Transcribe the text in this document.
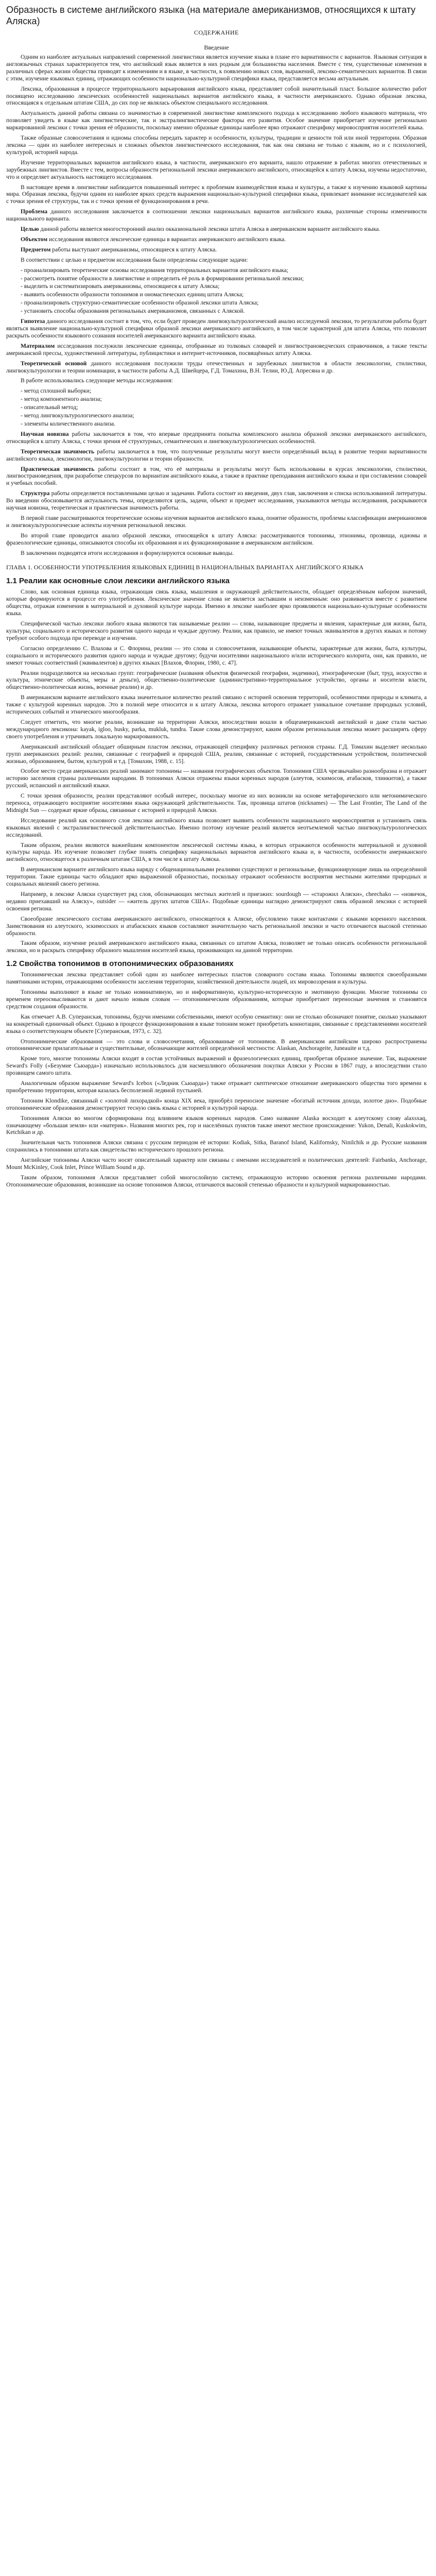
Образность в системе английского языка (на материале американизмов, относящихся к штату Аляска)
СОДЕРЖАНИЕ
Введение

Одним из наиболее актуальных направлений современной лингвистики является изучение языка в плане его вариативности с вариантов. Языковая ситуация в англоязычных странах характеризуется тем, что английский язык является в них родным для большинства населения. Вместе с тем, существенные изменения в различных сферах жизни общества приводят к изменениям и в языке, в частности, к появлению новых слов, выражений, лексико-семантических вариантов. В связи с этим, изучение языковых единиц, отражающих особенности национально-культурной специфики языка, представляется весьма актуальным.

Лексика, образованная в процессе территориального варьирования английского языка, представляет собой значительный пласт. Большое количество работ посвящено исследованию лексических особенностей национальных вариантов английского языка, в частности американского. Однако образная лексика, относящаяся к отдельным штатам США, до сих пор не являлась объектом специального исследования.

Актуальность данной работы связана со значимостью в современной лингвистике комплексного подхода к исследованию любого языкового материала, что позволяет увидеть в языке как лингвистические, так и экстралингвистические факторы его развития. Особое значение приобретает изучение регионально маркированной лексики с точки зрения её образности, поскольку именно образные единицы наиболее ярко отражают специфику мировосприятия носителей языка.

Также образные словосочетания и идиомы способны передать характер и особенности, культуры, традиции и ценности той или иной территории. Образная лексика — один из наиболее интересных и сложных объектов лингвистического исследования, так как она связана не только с языком, но и с психологией, культурой, историей народа.

Изучение территориальных вариантов английского языка, в частности, американского его варианта, нашло отражение в работах многих отечественных и зарубежных лингвистов. Вместе с тем, вопросы образности региональной лексики американского английского, относящейся к штату Аляска, изучены недостаточно, что и определяет актуальность настоящего исследования.

В настоящее время в лингвистике наблюдается повышенный интерес к проблемам взаимодействия языка и культуры, а также к изучению языковой картины мира. Образная лексика, будучи одним из наиболее ярких средств выражения национально-культурной специфики языка, привлекает внимание исследователей как с точки зрения её структуры, так и с точки зрения её функционирования в речи.

Проблема данного исследования заключается в соотношении лексики национальных вариантов английского языка, различные стороны изменчивости национального варианта.

Целью данной работы является многосторонний анализ окказиональной лексики штата Аляска в американском варианте английского языка.

Объектом исследования являются лексические единицы в вариантах американского английского языка.

Предметом работы выступают американизмы, относящиеся к штату Аляска.

В соответствии с целью и предметом исследования были определены следующие задачи:

- проанализировать теоретические основы исследования территориальных вариантов английского языка;
- рассмотреть понятие образности в лингвистике и определить её роль в формировании региональной лексики;
- выделить и систематизировать американизмы, относящиеся к штату Аляска;
- выявить особенности образности топонимов и ономастических единиц штата Аляска;
- проанализировать структурно-семантические особенности образной лексики штата Аляска;
- установить способы образования региональных американизмов, связанных с Аляской.

Гипотеза данного исследования состоит в том, что, если будет проведен лингвокультурологический анализ исследуемой лексики, то результатом работы будет являться выявление национально-культурной специфики образной лексики американского английского, в том числе характерной для штата Аляска, что позволит раскрыть особенности языкового сознания носителей американского варианта английского языка.

Материалом исследования послужили лексические единицы, отобранные из толковых словарей и лингвострановедческих справочников, а также тексты американской прессы, художественной литературы, публицистики и интернет-источников, посвящённых штату Аляска.

Теоретической основой данного исследования послужили труды отечественных и зарубежных лингвистов в области лексикологии, стилистики, лингвокультурологии и теории номинации, в частности работы А.Д. Швейцера, Г.Д. Томахина, В.Н. Телии, Ю.Д. Апресяна и др.

В работе использовались следующие методы исследования:

- метод сплошной выборки;
- метод компонентного анализа;
- описательный метод;
- метод лингвокультурологического анализа;
- элементы количественного анализа.

Научная новизна работы заключается в том, что впервые предпринята попытка комплексного анализа образной лексики американского английского, относящейся к штату Аляска, с точки зрения её структурных, семантических и лингвокультурологических особенностей.

Теоретическая значимость работы заключается в том, что полученные результаты могут внести определённый вклад в развитие теории вариативности английского языка, лексикологии, лингвокультурологии и теории образности.

Практическая значимость работы состоит в том, что её материалы и результаты могут быть использованы в курсах лексикологии, стилистики, лингвострановедения, при разработке спецкурсов по вариантам английского языка, а также в практике преподавания английского языка и при составлении словарей и учебных пособий.

Структура работы определяется поставленными целью и задачами. Работа состоит из введения, двух глав, заключения и списка использованной литературы. Во введении обосновывается актуальность темы, определяются цель, задачи, объект и предмет исследования, указываются методы исследования, раскрываются научная новизна, теоретическая и практическая значимость работы.

В первой главе рассматриваются теоретические основы изучения вариантов английского языка, понятие образности, проблемы классификации американизмов и лингвокультурологические аспекты изучения региональной лексики.

Во второй главе проводится анализ образной лексики, относящейся к штату Аляска: рассматриваются топонимы, этнонимы, прозвища, идиомы и фразеологические единицы, описываются способы их образования и их функционирование в американском английском.

В заключении подводятся итоги исследования и формулируются основные выводы.

ГЛАВА 1. ОСОБЕННОСТИ УПОТРЕБЛЕНИЯ ЯЗЫКОВЫХ ЕДИНИЦ В НАЦИОНАЛЬНЫХ ВАРИАНТАХ АНГЛИЙСКОГО ЯЗЫКА
1.1 Реалии как основные слои лексики английского языка

Слово, как основная единица языка, отражающая связь языка, мышления и окружающей действительности, обладает определённым набором значений, которые формируются в процессе его употребления. Лексическое значение слова не является застывшим и неизменным: оно развивается вместе с развитием общества, отражая изменения в материальной и духовной культуре народа. Именно в лексике наиболее ярко проявляются национально-культурные особенности языка.

Специфической частью лексики любого языка являются так называемые реалии — слова, называющие предметы и явления, характерные для жизни, быта, культуры, социального и исторического развития одного народа и чуждые другому. Реалии, как правило, не имеют точных эквивалентов в других языках и потому требуют особого подхода при переводе и изучении.

Согласно определению С. Влахова и С. Флорина, реалии — это слова и словосочетания, называющие объекты, характерные для жизни, быта, культуры, социального и исторического развития одного народа и чуждые другому; будучи носителями национального и/или исторического колорита, они, как правило, не имеют точных соответствий (эквивалентов) в других языках [Влахов, Флорин, 1980, с. 47].

Реалии подразделяются на несколько групп: географические (названия объектов физической географии, эндемики), этнографические (быт, труд, искусство и культура, этнические объекты, меры и деньги), общественно-политические (административно-территориальное устройство, органы и носители власти, общественно-политическая жизнь, военные реалии) и др.

В американском варианте английского языка значительное количество реалий связано с историей освоения территорий, особенностями природы и климата, а также с культурой коренных народов. Это в полной мере относится и к штату Аляска, лексика которого отражает уникальное сочетание природных условий, исторических событий и этнического многообразия.

Следует отметить, что многие реалии, возникшие на территории Аляски, впоследствии вошли в общеамериканский английский и даже стали частью международного лексикона: kayak, igloo, husky, parka, mukluk, tundra. Такие слова демонстрируют, каким образом региональная лексика может расширять сферу своего употребления и утрачивать локальную маркированность.

Американский английский обладает обширным пластом лексики, отражающей специфику различных регионов страны. Г.Д. Томахин выделяет несколько групп американских реалий: реалии, связанные с географией и природой США, реалии, связанные с историей, государственным устройством, политической жизнью, образованием, бытом, культурой и т.д. [Томахин, 1988, с. 15].

Особое место среди американских реалий занимают топонимы — названия географических объектов. Топонимия США чрезвычайно разнообразна и отражает историю заселения страны различными народами. В топонимах Аляски отражены языки коренных народов (алеутов, эскимосов, атабасков, тлинкитов), а также русский, испанский и английский языки.

С точки зрения образности, реалии представляют особый интерес, поскольку многие из них возникли на основе метафорического или метонимического переноса, отражающего восприятие носителями языка окружающей действительности. Так, прозвища штатов (nicknames) — The Last Frontier, The Land of the Midnight Sun — содержат яркие образы, связанные с историей и природой Аляски.

Исследование реалий как основного слоя лексики английского языка позволяет выявить особенности национального мировосприятия и установить связь языковых явлений с экстралингвистической действительностью. Именно поэтому изучение реалий является неотъемлемой частью лингвокультурологических исследований.

Таким образом, реалии являются важнейшим компонентом лексической системы языка, в которых отражаются особенности материальной и духовной культуры народа. Их изучение позволяет глубже понять специфику национальных вариантов английского языка и, в частности, особенности американского английского, относящегося к различным штатам США, в том числе к штату Аляска.

В американском варианте английского языка наряду с общенациональными реалиями существуют и региональные, функционирующие лишь на определённой территории. Такие единицы часто обладают ярко выраженной образностью, поскольку отражают особенности восприятия местными жителями природных и социальных явлений своего региона.

Например, в лексике Аляски существует ряд слов, обозначающих местных жителей и приезжих: sourdough — «старожил Аляски», cheechako — «новичок, недавно приехавший на Аляску», outsider — «житель других штатов США». Подобные единицы наглядно демонстрируют связь образной лексики с историей освоения региона.

Своеобразие лексического состава американского английского, относящегося к Аляске, обусловлено также контактами с языками коренного населения. Заимствования из алеутского, эскимосских и атабаскских языков составляют значительную часть региональной лексики и часто отличаются высокой степенью образности.

Таким образом, изучение реалий американского английского языка, связанных со штатом Аляска, позволяет не только описать особенности региональной лексики, но и раскрыть специфику образного мышления носителей языка, проживающих на данной территории.

1.2 Свойства топонимов в отопонимических образованиях

Топонимическая лексика представляет собой один из наиболее интересных пластов словарного состава языка. Топонимы являются своеобразными памятниками истории, отражающими особенности заселения территории, хозяйственной деятельности людей, их мировоззрения и культуры.

Топонимы выполняют в языке не только номинативную, но и информативную, культурно-историческую и эмотивную функции. Многие топонимы со временем переосмысливаются и дают начало новым словам — отопонимическим образованиям, которые приобретают переносные значения и становятся средством создания образности.

Как отмечает А.В. Суперанская, топонимы, будучи именами собственными, имеют особую семантику: они не столько обозначают понятие, сколько указывают на конкретный единичный объект. Однако в процессе функционирования в языке топоним может приобретать коннотации, связанные с представлениями носителей языка о соответствующем объекте [Суперанская, 1973, с. 32].

Отопонимические образования — это слова и словосочетания, образованные от топонимов. В американском английском широко распространены отопонимические прилагательные и существительные, обозначающие жителей определённой местности: Alaskan, Anchorageite, Juneauite и т.д.

Кроме того, многие топонимы Аляски входят в состав устойчивых выражений и фразеологических единиц, приобретая образное значение. Так, выражение Seward's Folly («Безумие Сьюарда») изначально использовалось для насмешливого обозначения покупки Аляски у России в 1867 году, а впоследствии стало прозвищем самого штата.

Аналогичным образом выражение Seward's Icebox («Ледник Сьюарда») также отражает скептическое отношение американского общества того времени к приобретению территории, которая казалась бесполезной ледяной пустыней.

Топоним Klondike, связанный с «золотой лихорадкой» конца XIX века, приобрёл переносное значение «богатый источник дохода, золотое дно». Подобные отопонимические образования демонстрируют тесную связь языка с историей и культурой народа.

Топонимия Аляски во многом сформирована под влиянием языков коренных народов. Само название Alaska восходит к алеутскому слову alaxsxaq, означающему «большая земля» или «материк». Названия многих рек, гор и населённых пунктов также имеют местное происхождение: Yukon, Denali, Kuskokwim, Ketchikan и др.

Значительная часть топонимов Аляски связана с русским периодом её истории: Kodiak, Sitka, Baranof Island, Kalifornsky, Ninilchik и др. Русские названия сохранились в топонимии штата как свидетельство исторического прошлого региона.

Английские топонимы Аляски часто носят описательный характер или связаны с именами исследователей и политических деятелей: Fairbanks, Anchorage, Mount McKinley, Cook Inlet, Prince William Sound и др.

Таким образом, топонимия Аляски представляет собой многослойную систему, отражающую историю освоения региона различными народами. Отопонимические образования, возникшие на основе топонимов Аляски, отличаются высокой степенью образности и культурной маркированностью.
